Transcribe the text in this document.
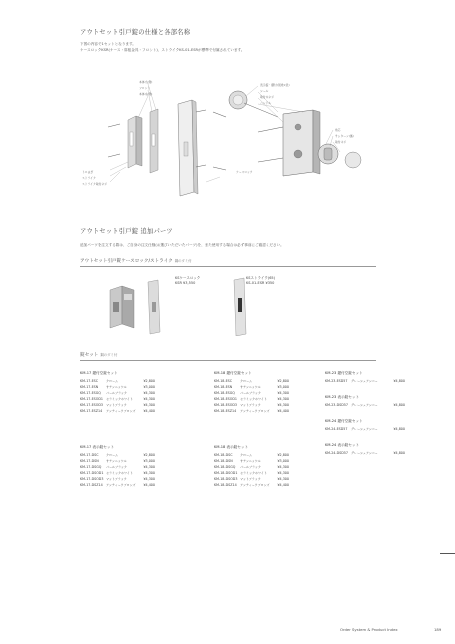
アウトセット引戸錠の仕様と各部名称
下図の内容で1セットとなります。
ケースロックKSR(ケース・扉板金具・フロント)、ストライクKS-01-ESRが標準で付属されています。
本体(左側)
フロント
本体(右側)
表示錠・鍵付(別途)(表)
シール
取付木ネジ
ハンドル
角芯
サムターン(裏)
取付ネジ
トロはぎ
ストライク
ストライク取付ネジ
ケースロック
アウトセット引戸錠 追加パーツ
追加パーツを注文する際は、ご自身の注文仕様(お選びいただいたパーツ)を、また使用する場合は必ず事前にご確認ください。
アウトセット引戸錠ケースロック/ストライク 鋼のダミ付
KSケースロック
KSR ¥3,550
KSストライク(65)
KS-01-ESR ¥350
錠セット 鋼のダミ付
KM-17 鍵付空錠セット
KM-17-ESC	クローム	¥2,800
KM-17-ESN	サテンニッケル	¥3,000
KM-17-ESGQ	パールブラック	¥4,300
KM-17-ESOD1	セラミックホワイト	¥4,300
KM-17-ESOD3	マットブラック	¥4,300
KM-17-ESZ14	アンティークブロンズ	¥4,400
KM-18 鍵付空錠セット
KM-18-ESC	クローム	¥2,800
KM-18-ESN	サテンニッケル	¥3,000
KM-18-ESGQ	パールブラック	¥4,300
KM-18-ESOD1	セラミックホワイト	¥4,300
KM-18-ESOD3	マットブラック	¥4,300
KM-18-ESZ14	アンティークブロンズ	¥4,400
KM-17 表示錠セット
KM-17-DSC	クローム	¥2,800
KM-17-DSN	サテンニッケル	¥3,000
KM-17-DSGQ	パールブラック	¥4,300
KM-17-DSOD1 セラミックホワイト	¥4,300
KM-17-DSOD3 マットブラック	¥4,300
KM-17-DSZ14	アンティークブロンズ	¥4,400
KM-18 表示錠セット
KM-18-DSC	クローム	¥2,800
KM-18-DSN	サテンニッケル	¥3,000
KM-18-DSGQ	パールブラック	¥4,300
KM-18-DSOD1 セラミックホワイト	¥4,300
KM-18-DSOD3 マットブラック	¥4,300
KM-18-DSZ14	アンティークブロンズ	¥4,400
KM-23 鍵付空錠セット
KM-23-ESD57	グレーシュアンバー	¥4,800
KM-23 表示錠セット
KM-23-DSD57	グレーシュアンバー	¥4,800
KM-24 鍵付空錠セット
KM-24-ESD57	グレーシュアンバー	¥4,800
KM-24 表示錠セット
KM-24-DSD57	グレーシュアンバー	¥4,800
Order System & Product Index	189
